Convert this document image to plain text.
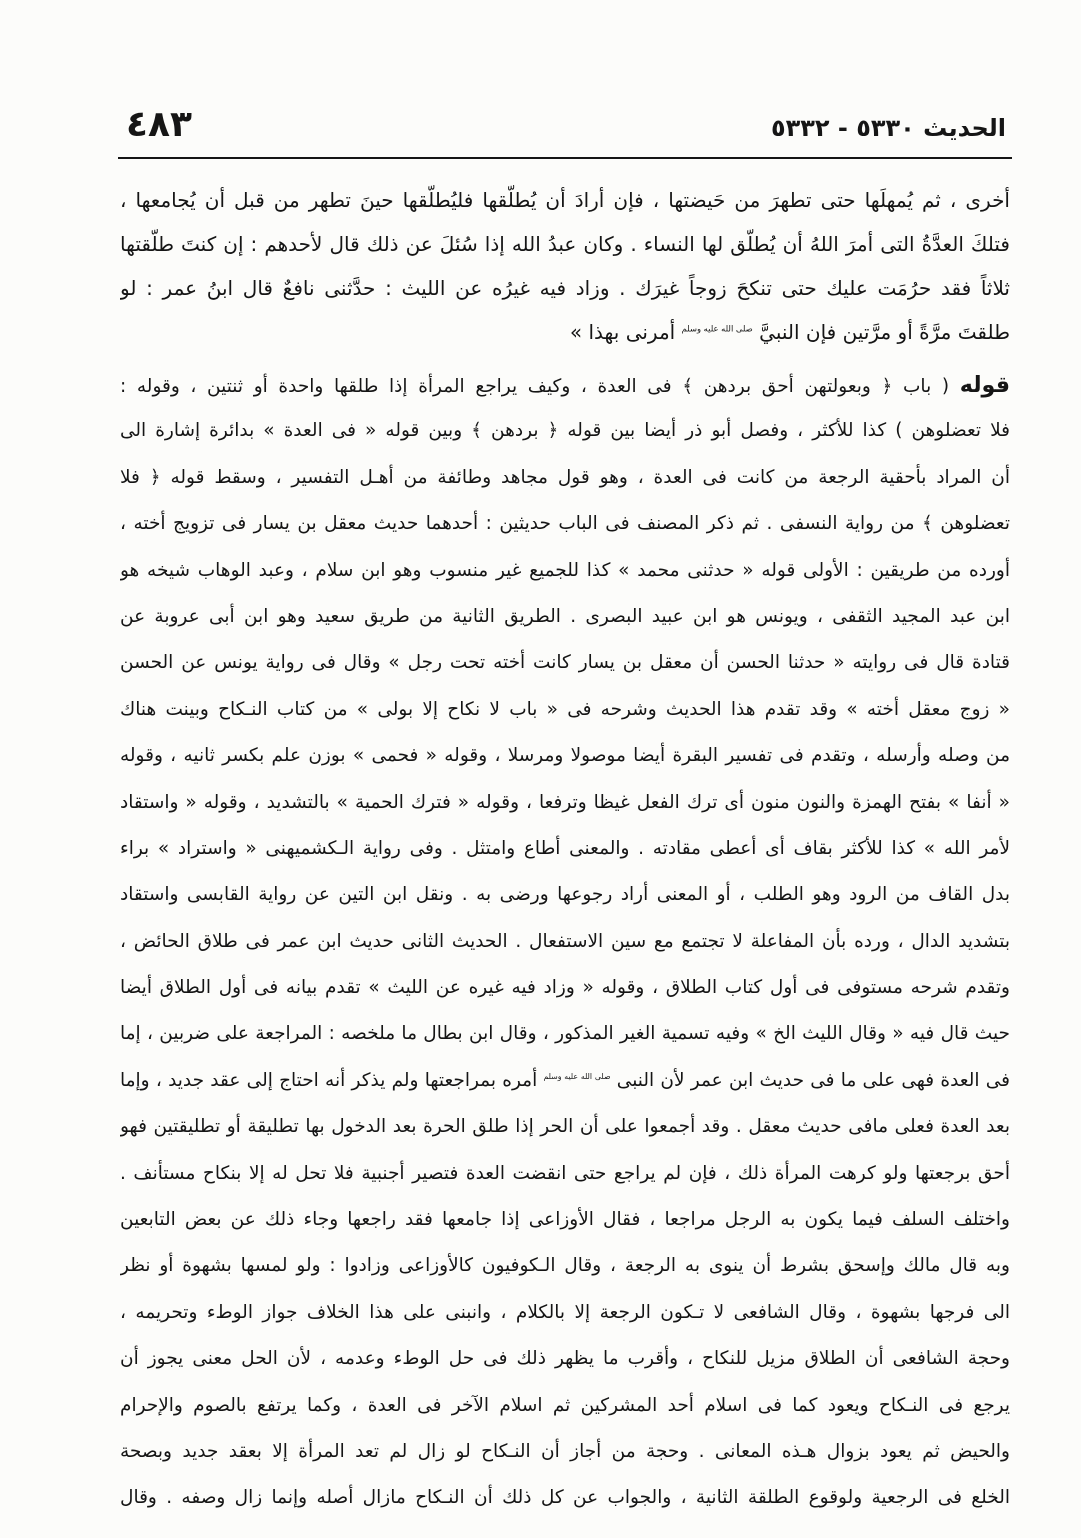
الحديث ٥٣٣٠ - ٥٣٣٢
٤٨٣
أخرى ، ثم يُمهلَها حتى تطهرَ من حَيضتها ، فإن أرادَ أن يُطلّقها فليُطلّقها حينَ تطهر من قبل أن يُجامعها ،
فتلكَ العدَّةُ التى أمرَ اللهُ أن يُطلّق لها النساء . وكان عبدُ الله إذا سُئلَ عن ذلك قال لأحدهم : إن كنتَ طلّقتها
ثلاثاً فقد حرُمَت عليك حتى تنكحَ زوجاً غيرَك . وزاد فيه غيرُه عن الليث : حدَّثنى نافعٌ قال ابنُ عمر : لو
طلقتَ مرَّةً أو مرَّتين فإن النبيَّ $^{صلى الله عليه وسلم}$ أمرنى بهذا »
قوله ( باب ﴿ وبعولتهن أحق بردهن ﴾ فى العدة ، وكيف يراجع المرأة إذا طلقها واحدة أو ثنتين ، وقوله :
فلا تعضلوهن ) كذا للأكثر ، وفصل أبو ذر أيضا بين قوله ﴿ بردهن ﴾ وبين قوله « فى العدة » بدائرة إشارة الى
أن المراد بأحقية الرجعة من كانت فى العدة ، وهو قول مجاهد وطائفة من أهـل التفسير ، وسقط قوله ﴿ فلا
تعضلوهن ﴾ من رواية النسفى . ثم ذكر المصنف فى الباب حديثين : أحدهما حديث معقل بن يسار فى تزويج أخته ،
أورده من طريقين : الأولى قوله « حدثنى محمد » كذا للجميع غير منسوب وهو ابن سلام ، وعبد الوهاب شيخه هو
ابن عبد المجيد الثقفى ، ويونس هو ابن عبيد البصرى . الطريق الثانية من طريق سعيد وهو ابن أبى عروبة عن
قتادة قال فى روايته « حدثنا الحسن أن معقل بن يسار كانت أخته تحت رجل » وقال فى رواية يونس عن الحسن
« زوج معقل أخته » وقد تقدم هذا الحديث وشرحه فى « باب لا نكاح إلا بولى » من كتاب النـكاح وبينت هناك
من وصله وأرسله ، وتقدم فى تفسير البقرة أيضا موصولا ومرسلا ، وقوله « فحمى » بوزن علم بكسر ثانيه ، وقوله
« أنفا » بفتح الهمزة والنون منون أى ترك الفعل غيظا وترفعا ، وقوله « فترك الحمية » بالتشديد ، وقوله « واستقاد
لأمر الله » كذا للأكثر بقاف أى أعطى مقادته . والمعنى أطاع وامتثل . وفى رواية الـكشميهنى « واستراد » براء
بدل القاف من الرود وهو الطلب ، أو المعنى أراد رجوعها ورضى به . ونقل ابن التين عن رواية القابسى واستقاد
بتشديد الدال ، ورده بأن المفاعلة لا تجتمع مع سين الاستفعال . الحديث الثانى حديث ابن عمر فى طلاق الحائض ،
وتقدم شرحه مستوفى فى أول كتاب الطلاق ، وقوله « وزاد فيه غيره عن الليث » تقدم بيانه فى أول الطلاق أيضا
حيث قال فيه « وقال الليث الخ » وفيه تسمية الغير المذكور ، وقال ابن بطال ما ملخصه : المراجعة على ضربين ، إما
فى العدة فهى على ما فى حديث ابن عمر لأن النبى $^{صلى الله عليه وسلم}$ أمره بمراجعتها ولم يذكر أنه احتاج إلى عقد جديد ، وإما
بعد العدة فعلى مافى حديث معقل . وقد أجمعوا على أن الحر إذا طلق الحرة بعد الدخول بها تطليقة أو تطليقتين فهو
أحق برجعتها ولو كرهت المرأة ذلك ، فإن لم يراجع حتى انقضت العدة فتصير أجنبية فلا تحل له إلا بنكاح مستأنف .
واختلف السلف فيما يكون به الرجل مراجعا ، فقال الأوزاعى إذا جامعها فقد راجعها وجاء ذلك عن بعض التابعين
وبه قال مالك وإسحق بشرط أن ينوى به الرجعة ، وقال الـكوفيون كالأوزاعى وزادوا : ولو لمسها بشهوة أو نظر
الى فرجها بشهوة ، وقال الشافعى لا تـكون الرجعة إلا بالكلام ، وانبنى على هذا الخلاف جواز الوطء وتحريمه ،
وحجة الشافعى أن الطلاق مزيل للنكاح ، وأقرب ما يظهر ذلك فى حل الوطء وعدمه ، لأن الحل معنى يجوز أن
يرجع فى النـكاح ويعود كما فى اسلام أحد المشركين ثم اسلام الآخر فى العدة ، وكما يرتفع بالصوم والإحرام
والحيض ثم يعود بزوال هـذه المعانى . وحجة من أجاز أن النـكاح لو زال لم تعد المرأة إلا بعقد جديد وبصحة
الخلع فى الرجعية ولوقوع الطلقة الثانية ، والجواب عن كل ذلك أن النـكاح مازال أصله وإنما زال وصفه . وقال
